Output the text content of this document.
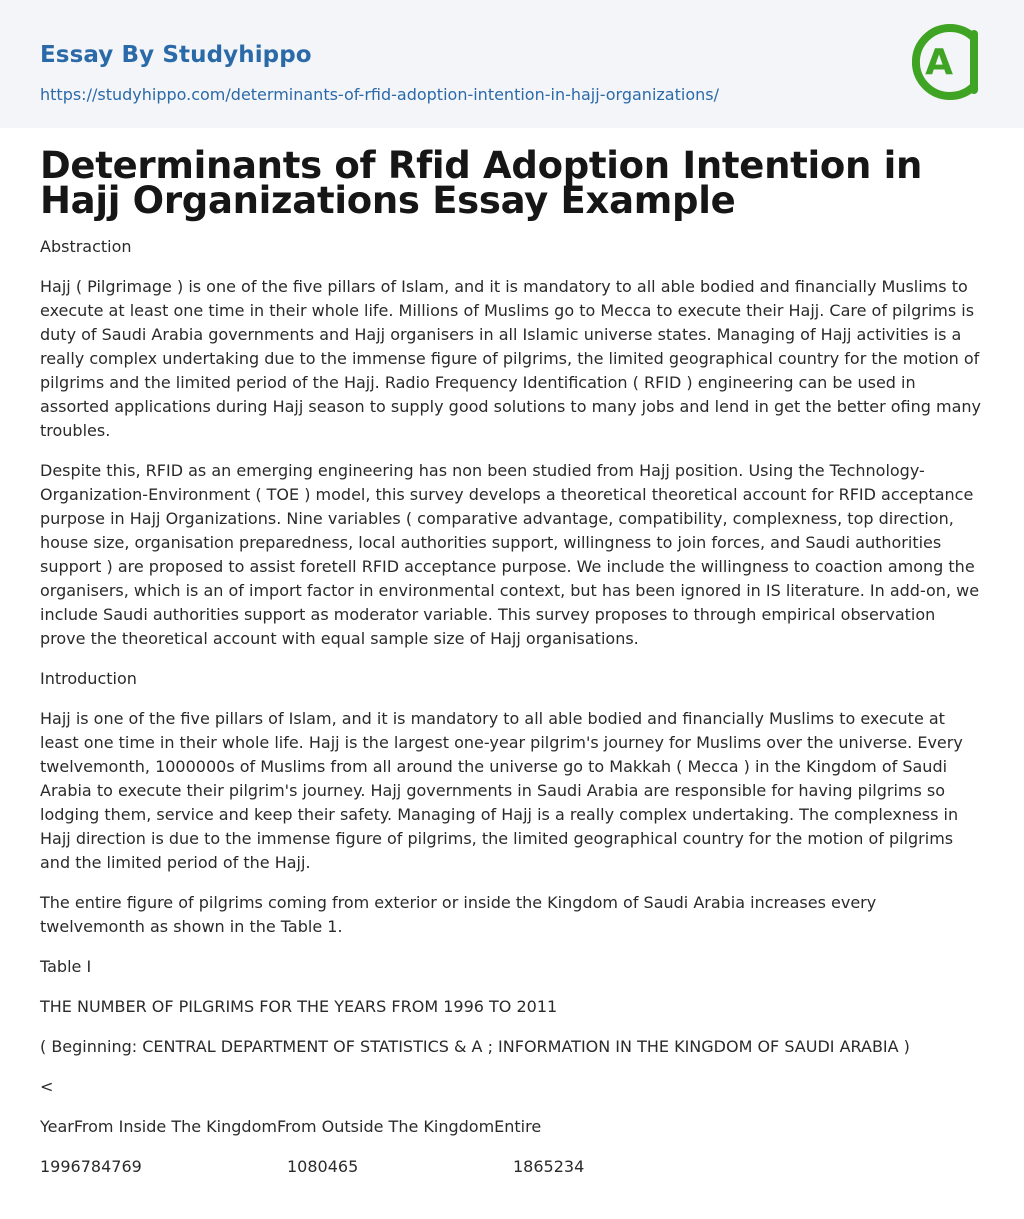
Essay By Studyhippo
https://studyhippo.com/determinants-of-rfid-adoption-intention-in-hajj-organizations/
A
Determinants of Rfid Adoption Intention in Hajj Organizations Essay Example

Abstraction

Hajj ( Pilgrimage ) is one of the five pillars of Islam, and it is mandatory to all able bodied and financially Muslims to execute at least one time in their whole life. Millions of Muslims go to Mecca to execute their Hajj. Care of pilgrims is duty of Saudi Arabia governments and Hajj organisers in all Islamic universe states. Managing of Hajj activities is a really complex undertaking due to the immense figure of pilgrims, the limited geographical country for the motion of pilgrims and the limited period of the Hajj. Radio Frequency Identification ( RFID ) engineering can be used in assorted applications during Hajj season to supply good solutions to many jobs and lend in get the better ofing many troubles.

Despite this, RFID as an emerging engineering has non been studied from Hajj position. Using the Technology-Organization-Environment ( TOE ) model, this survey develops a theoretical theoretical account for RFID acceptance purpose in Hajj Organizations. Nine variables ( comparative advantage, compatibility, complexness, top direction, house size, organisation preparedness, local authorities support, willingness to join forces, and Saudi authorities support ) are proposed to assist foretell RFID acceptance purpose. We include the willingness to coaction among the organisers, which is an of import factor in environmental context, but has been ignored in IS literature. In add-on, we include Saudi authorities support as moderator variable. This survey proposes to through empirical observation prove the theoretical account with equal sample size of Hajj organisations.

Introduction

Hajj is one of the five pillars of Islam, and it is mandatory to all able bodied and financially Muslims to execute at least one time in their whole life. Hajj is the largest one-year pilgrim's journey for Muslims over the universe. Every twelvemonth, 1000000s of Muslims from all around the universe go to Makkah ( Mecca ) in the Kingdom of Saudi Arabia to execute their pilgrim's journey. Hajj governments in Saudi Arabia are responsible for having pilgrims so lodging them, service and keep their safety. Managing of Hajj is a really complex undertaking. The complexness in Hajj direction is due to the immense figure of pilgrims, the limited geographical country for the motion of pilgrims and the limited period of the Hajj.

The entire figure of pilgrims coming from exterior or inside the Kingdom of Saudi Arabia increases every twelvemonth as shown in the Table 1.

Table I

THE NUMBER OF PILGRIMS FOR THE YEARS FROM 1996 TO 2011

( Beginning: CENTRAL DEPARTMENT OF STATISTICS & A ; INFORMATION IN THE KINGDOM OF SAUDI ARABIA )

<

YearFrom Inside The KingdomFrom Outside The KingdomEntire

1996784769	1080465	1865234
